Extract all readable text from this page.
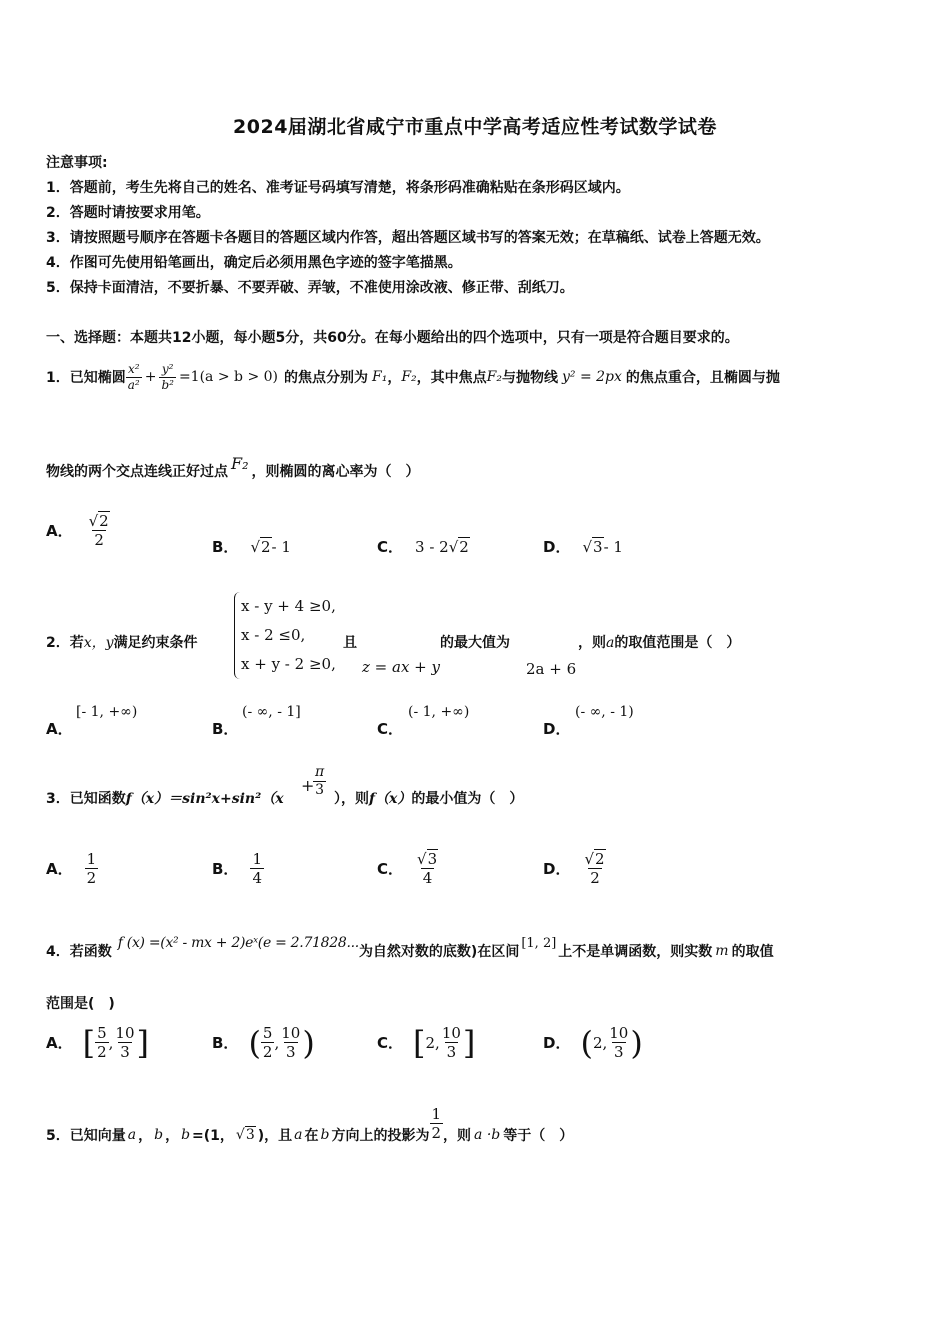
2024届湖北省咸宁市重点中学高考适应性考试数学试卷
注意事项:
1．答题前，考生先将自己的姓名、准考证号码填写清楚，将条形码准确粘贴在条形码区域内。
2．答题时请按要求用笔。
3．请按照题号顺序在答题卡各题目的答题区域内作答，超出答题区域书写的答案无效；在草稿纸、试卷上答题无效。
4．作图可先使用铅笔画出，确定后必须用黑色字迹的签字笔描黑。
5．保持卡面清洁，不要折暴、不要弄破、弄皱，不准使用涂改液、修正带、刮纸刀。
一、选择题：本题共12小题，每小题5分，共60分。在每小题给出的四个选项中，只有一项是符合题目要求的。
1．已知椭圆 $\frac{\text{x²}}{\text{a²}} + \frac{\text{y²}}{\text{b²}} =1(a > b > 0)$ 的焦点分别为 F₁ ， F₂ ，其中焦点 F₂ 与抛物线 y² = 2px 的焦点重合，且椭圆与抛
物线的两个交点连线正好过点 F₂ ，则椭圆的离心率为（　）
A． $\frac{√2}{2}$	B． √2 - 1	C． 3 - 2 √2	D． √3 - 1
2．若x，y满足约束条件
x - y + 4 ≥0,
x - 2 ≤0,
x + y - 2 ≥0,
且
z = ax + y
的最大值为
2a + 6
，则a的取值范围是（　）
A．
[- 1, +∞)
B．
(- ∞, - 1]
C．
(- 1, +∞)
D．
(- ∞, - 1)
3．已知函数f（x）＝sin²x+sin²（x
+
$\frac{\pi}{3}$
），则f（x）的最小值为（　）
A． $\frac{1}{2}$	B． $\frac{1}{4}$	C． $\frac{√3}{4}$	D． $\frac{√2}{2}$
4．若函数
f (x) =(x² - mx + 2)eˣ(e = 2.71828...
为自然对数的底数)在区间
[1, 2]
上不是单调函数，则实数 m 的取值
范围是(　)
A． [ $\frac{5}{2}$ , $\frac{10}{3}$ ]	B． ( $\frac{5}{2}$ , $\frac{10}{3}$ )	C． [ 2, $\frac{10}{3}$ ]	D． ( 2, $\frac{10}{3}$ )
5．已知向量 a ， b ， b =(1， √3 )，且 a 在 b 方向上的投影为 $\frac{1}{2}$ ，则 a ·b 等于（　）
